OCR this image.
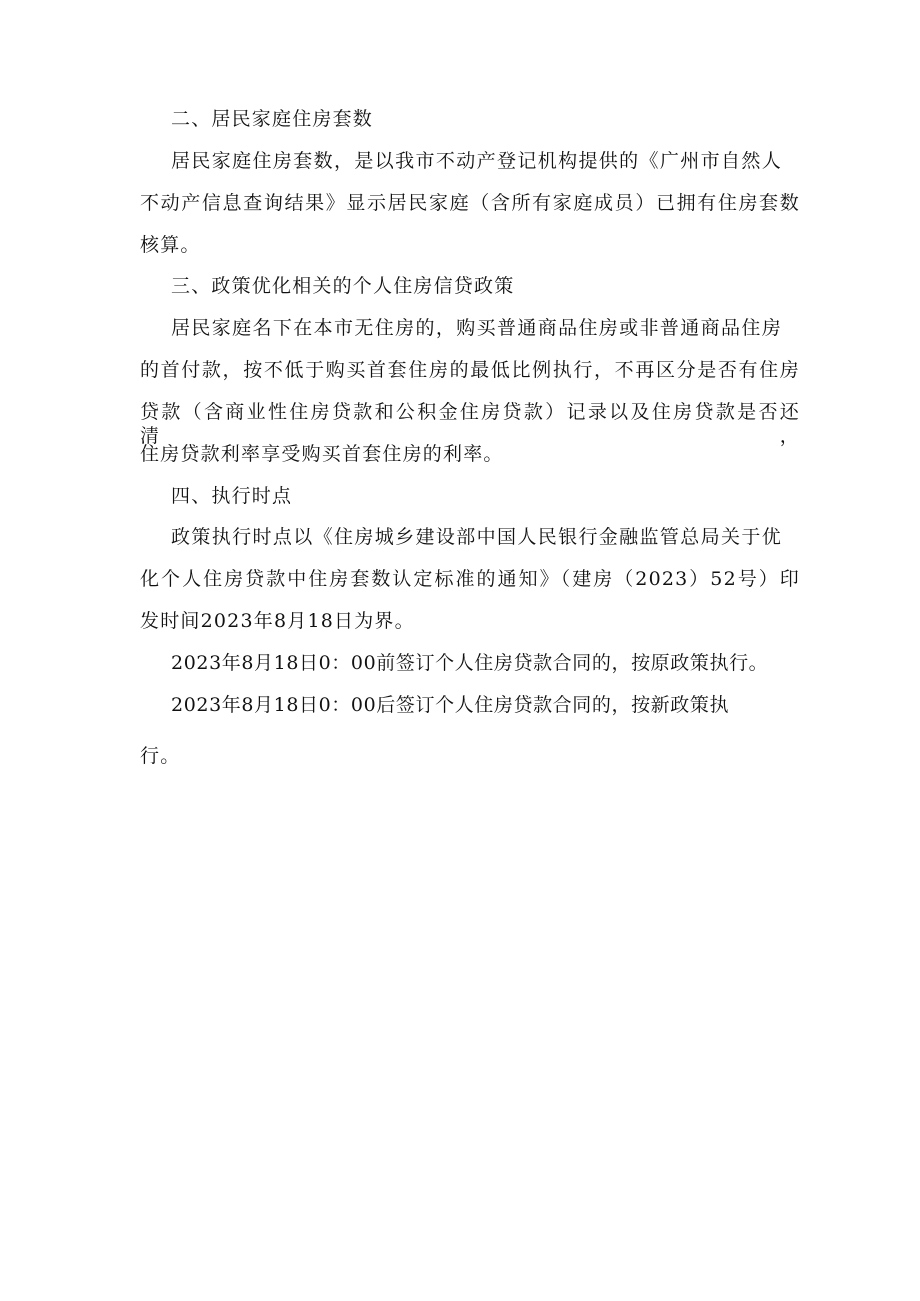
二、居民家庭住房套数
居民家庭住房套数，是以我市不动产登记机构提供的《广州市自然人
不动产信息查询结果》显示居民家庭（含所有家庭成员）已拥有住房套数
核算。
三、政策优化相关的个人住房信贷政策
居民家庭名下在本市无住房的，购买普通商品住房或非普通商品住房
的首付款，按不低于购买首套住房的最低比例执行，不再区分是否有住房
贷款（含商业性住房贷款和公积金住房贷款）记录以及住房贷款是否还清，
住房贷款利率享受购买首套住房的利率。
四、执行时点
政策执行时点以《住房城乡建设部中国人民银行金融监管总局关于优
化个人住房贷款中住房套数认定标准的通知》（建房（2023）52号）印
发时间2023年8月18日为界。
2023年8月18日0：00前签订个人住房贷款合同的，按原政策执行。
2023年8月18日0：00后签订个人住房贷款合同的，按新政策执
行。
